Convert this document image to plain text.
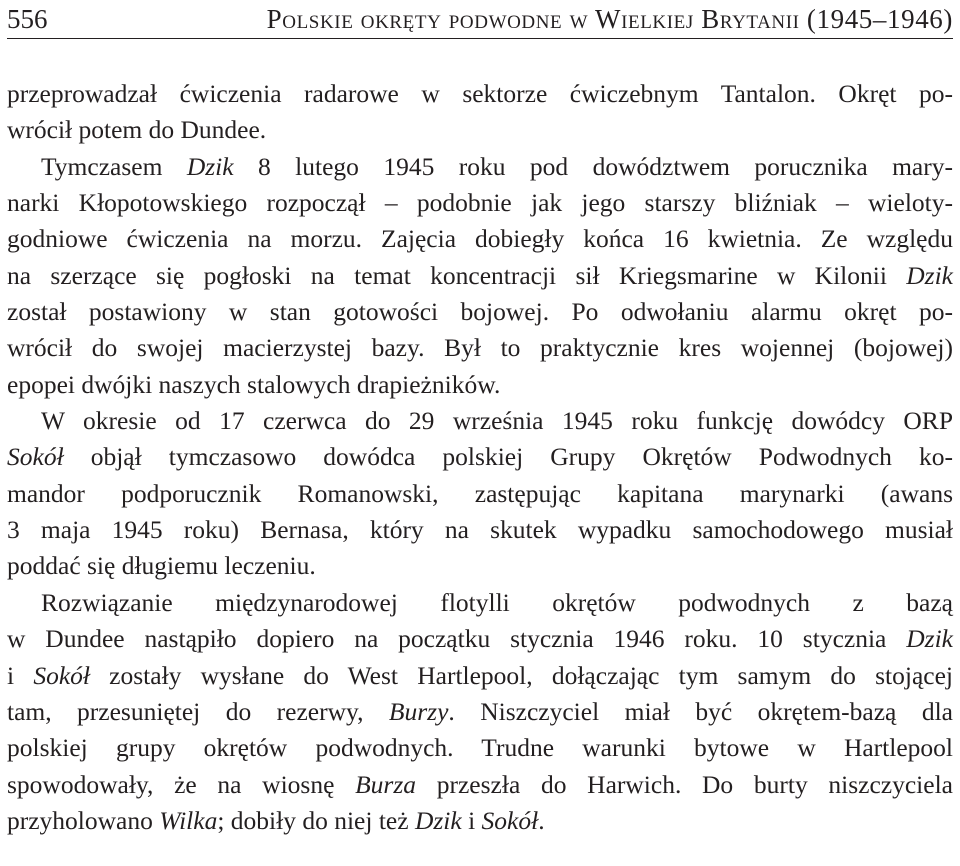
556	Polskie okręty podwodne w Wielkiej Brytanii (1945–1946)
przeprowadzał ćwiczenia radarowe w sektorze ćwiczebnym Tantalon. Okręt po-
wrócił potem do Dundee.
Tymczasem Dzik 8 lutego 1945 roku pod dowództwem porucznika mary-
narki Kłopotowskiego rozpoczął – podobnie jak jego starszy bliźniak – wieloty-
godniowe ćwiczenia na morzu. Zajęcia dobiegły końca 16 kwietnia. Ze względu
na szerzące się pogłoski na temat koncentracji sił Kriegsmarine w Kilonii Dzik
został postawiony w stan gotowości bojowej. Po odwołaniu alarmu okręt po-
wrócił do swojej macierzystej bazy. Był to praktycznie kres wojennej (bojowej)
epopei dwójki naszych stalowych drapieżników.
W okresie od 17 czerwca do 29 września 1945 roku funkcję dowódcy ORP
Sokół objął tymczasowo dowódca polskiej Grupy Okrętów Podwodnych ko-
mandor podporucznik Romanowski, zastępując kapitana marynarki (awans
3 maja 1945 roku) Bernasa, który na skutek wypadku samochodowego musiał
poddać się długiemu leczeniu.
Rozwiązanie międzynarodowej flotylli okrętów podwodnych z bazą
w Dundee nastąpiło dopiero na początku stycznia 1946 roku. 10 stycznia Dzik
i Sokół zostały wysłane do West Hartlepool, dołączając tym samym do stojącej
tam, przesuniętej do rezerwy, Burzy. Niszczyciel miał być okrętem-bazą dla
polskiej grupy okrętów podwodnych. Trudne warunki bytowe w Hartlepool
spowodowały, że na wiosnę Burza przeszła do Harwich. Do burty niszczyciela
przyholowano Wilka; dobiły do niej też Dzik i Sokół.
